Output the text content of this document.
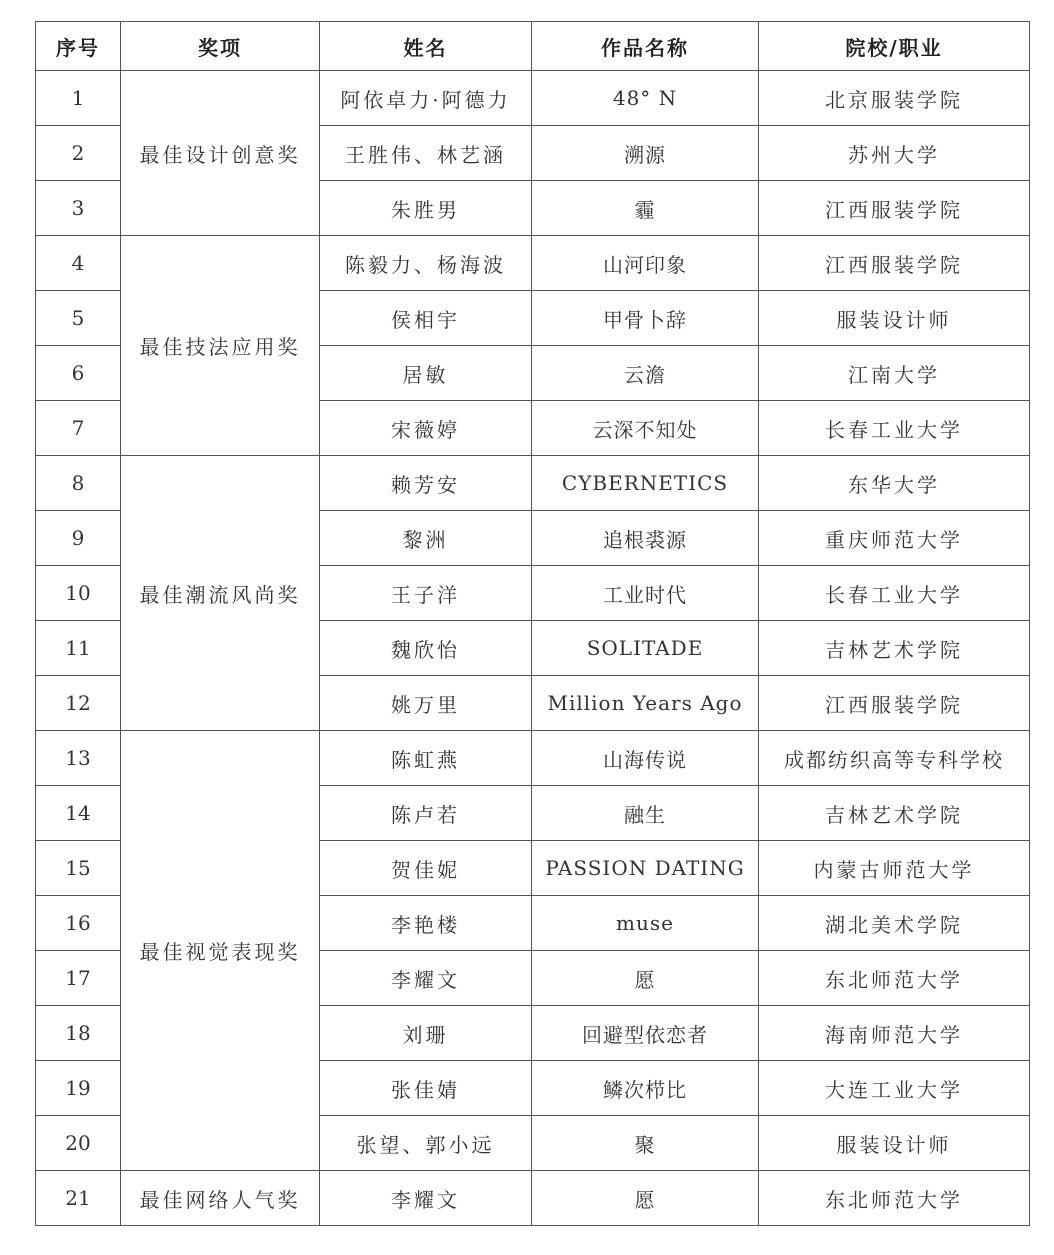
序号	奖项	姓名	作品名称	院校/职业
1	最佳设计创意奖	阿依卓力·阿德力	48° N	北京服装学院
2		王胜伟、林艺涵	溯源	苏州大学
3		朱胜男	霾	江西服装学院
4	最佳技法应用奖	陈毅力、杨海波	山河印象	江西服装学院
5		侯相宇	甲骨卜辞	服装设计师
6		居敏	云澹	江南大学
7		宋薇婷	云深不知处	长春工业大学
8	最佳潮流风尚奖	赖芳安	CYBERNETICS	东华大学
9		黎洲	追根裘源	重庆师范大学
10		王子洋	工业时代	长春工业大学
11		魏欣怡	SOLITADE	吉林艺术学院
12		姚万里	Million Years Ago	江西服装学院
13	最佳视觉表现奖	陈虹燕	山海传说	成都纺织高等专科学校
14		陈卢若	融生	吉林艺术学院
15		贺佳妮	PASSION DATING	内蒙古师范大学
16		李艳楼	muse	湖北美术学院
17		李耀文	愿	东北师范大学
18		刘珊	回避型依恋者	海南师范大学
19		张佳婧	鳞次栉比	大连工业大学
20		张望、郭小远	聚	服装设计师
21	最佳网络人气奖	李耀文	愿	东北师范大学
